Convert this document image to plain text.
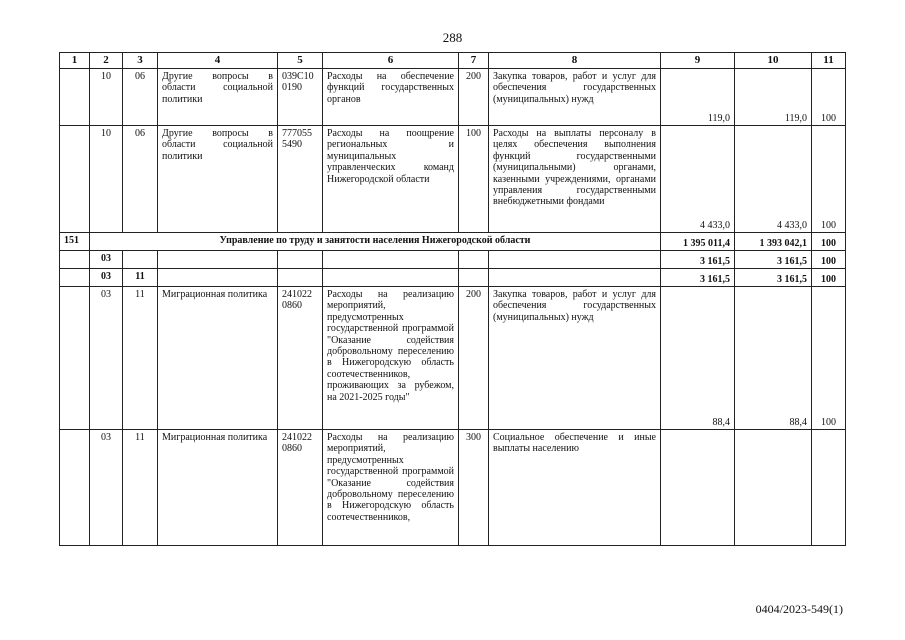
288
1	2	3	4	5	6	7	8	9	10	11
	10	06	Другие вопросы в области социальной политики	039С10 0190	Расходы на обеспечение функций государственных органов	200	Закупка товаров, работ и услуг для обеспечения государственных (муниципальных) нужд	119,0	119,0	100
	10	06	Другие вопросы в области социальной политики	777055 5490	Расходы на поощрение региональных и муниципальных управленческих команд Нижегородской области	100	Расходы на выплаты персоналу в целях обеспечения выполнения функций государственными (муниципальными) органами, казенными учреждениями, органами управления государственными внебюджетными фондами	4 433,0	4 433,0	100
151	Управление по труду и занятости населения Нижегородской области							1 395 011,4	1 393 042,1	100
	03							3 161,5	3 161,5	100
	03	11						3 161,5	3 161,5	100
	03	11	Миграционная политика	241022 0860	Расходы на реализацию мероприятий, предусмотренных государственной программой "Оказание содействия добровольному переселению в Нижегородскую область соотечественников, проживающих за рубежом, на 2021-2025 годы"	200	Закупка товаров, работ и услуг для обеспечения государственных (муниципальных) нужд	88,4	88,4	100
	03	11	Миграционная политика	241022 0860	Расходы на реализацию мероприятий, предусмотренных государственной программой "Оказание содействия добровольному переселению в Нижегородскую область соотечественников,	300	Социальное обеспечение и иные выплаты населению			
0404/2023-549(1)
